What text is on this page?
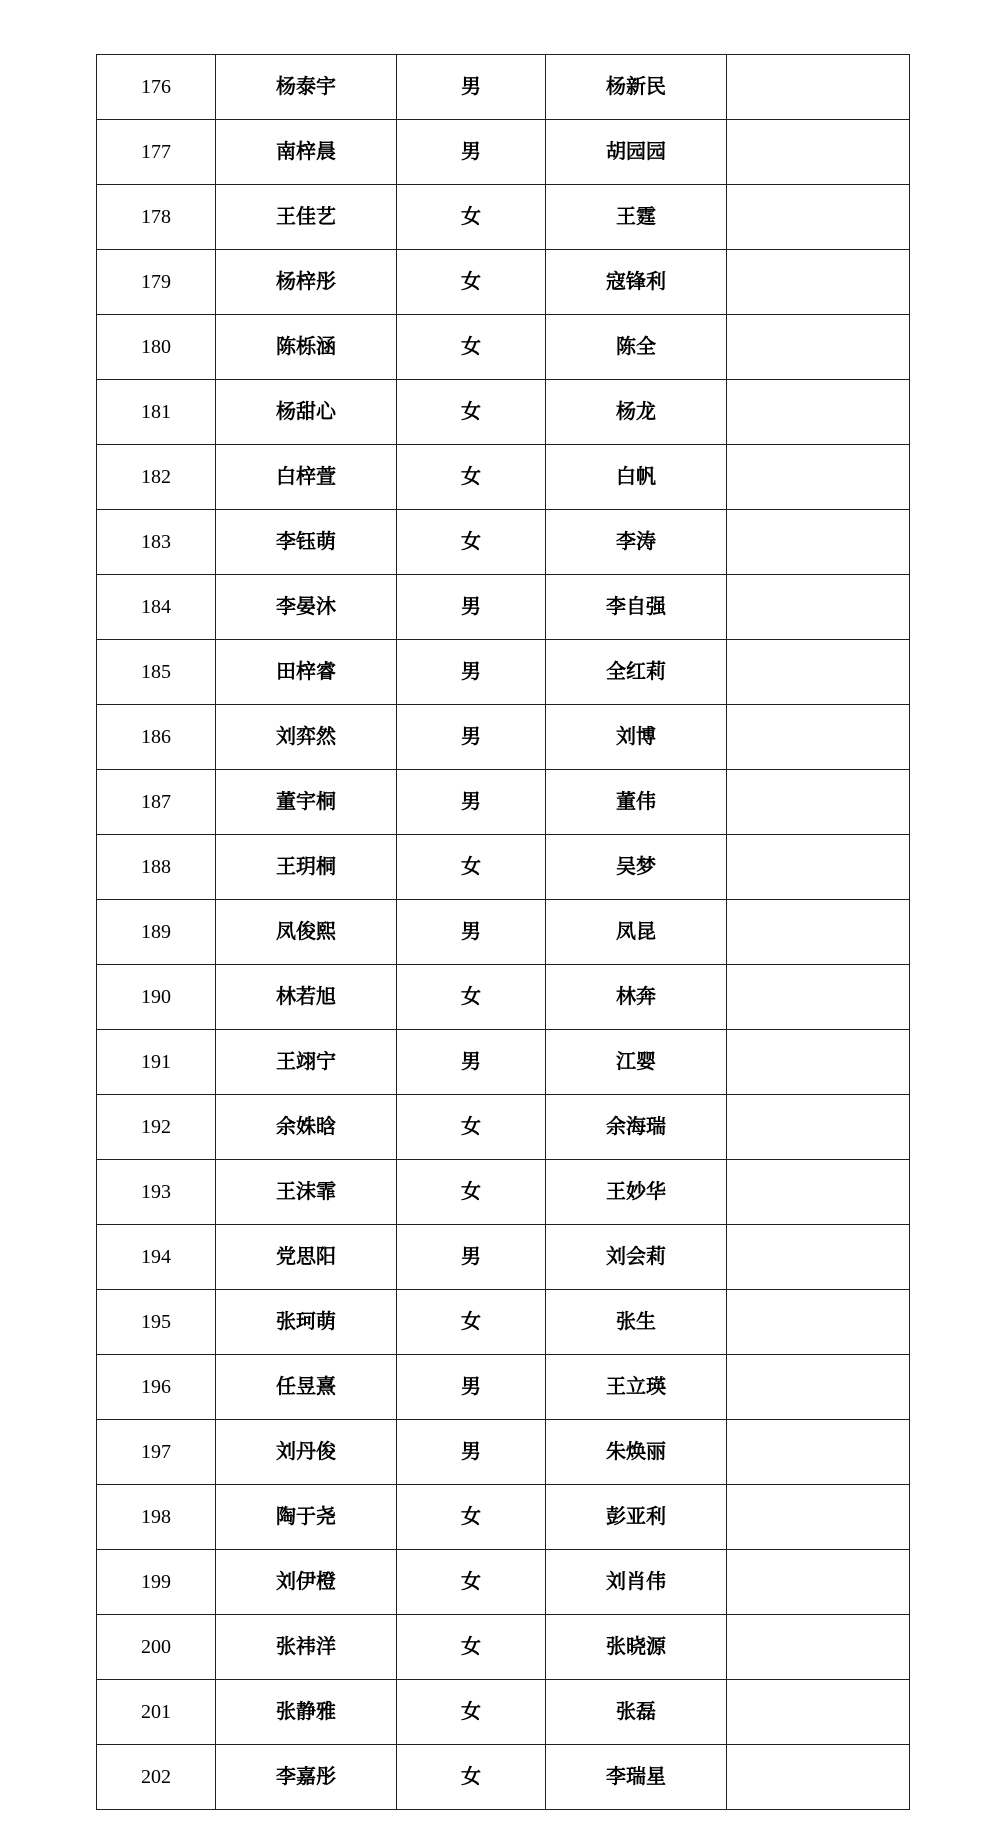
176	杨泰宇	男	杨新民	
177	南梓晨	男	胡园园	
178	王佳艺	女	王霆	
179	杨梓彤	女	寇锋利	
180	陈栎涵	女	陈全	
181	杨甜心	女	杨龙	
182	白梓萱	女	白帆	
183	李钰萌	女	李涛	
184	李晏沐	男	李自强	
185	田梓睿	男	全红莉	
186	刘弈然	男	刘博	
187	董宇桐	男	董伟	
188	王玥桐	女	吴梦	
189	凤俊熙	男	凤昆	
190	林若旭	女	林奔	
191	王翊宁	男	江婴	
192	余姝晗	女	余海瑞	
193	王沫霏	女	王妙华	
194	党思阳	男	刘会莉	
195	张珂萌	女	张生	
196	任昱熹	男	王立瑛	
197	刘丹俊	男	朱焕丽	
198	陶于尧	女	彭亚利	
199	刘伊橙	女	刘肖伟	
200	张祎洋	女	张晓源	
201	张静雅	女	张磊	
202	李嘉彤	女	李瑞星	
